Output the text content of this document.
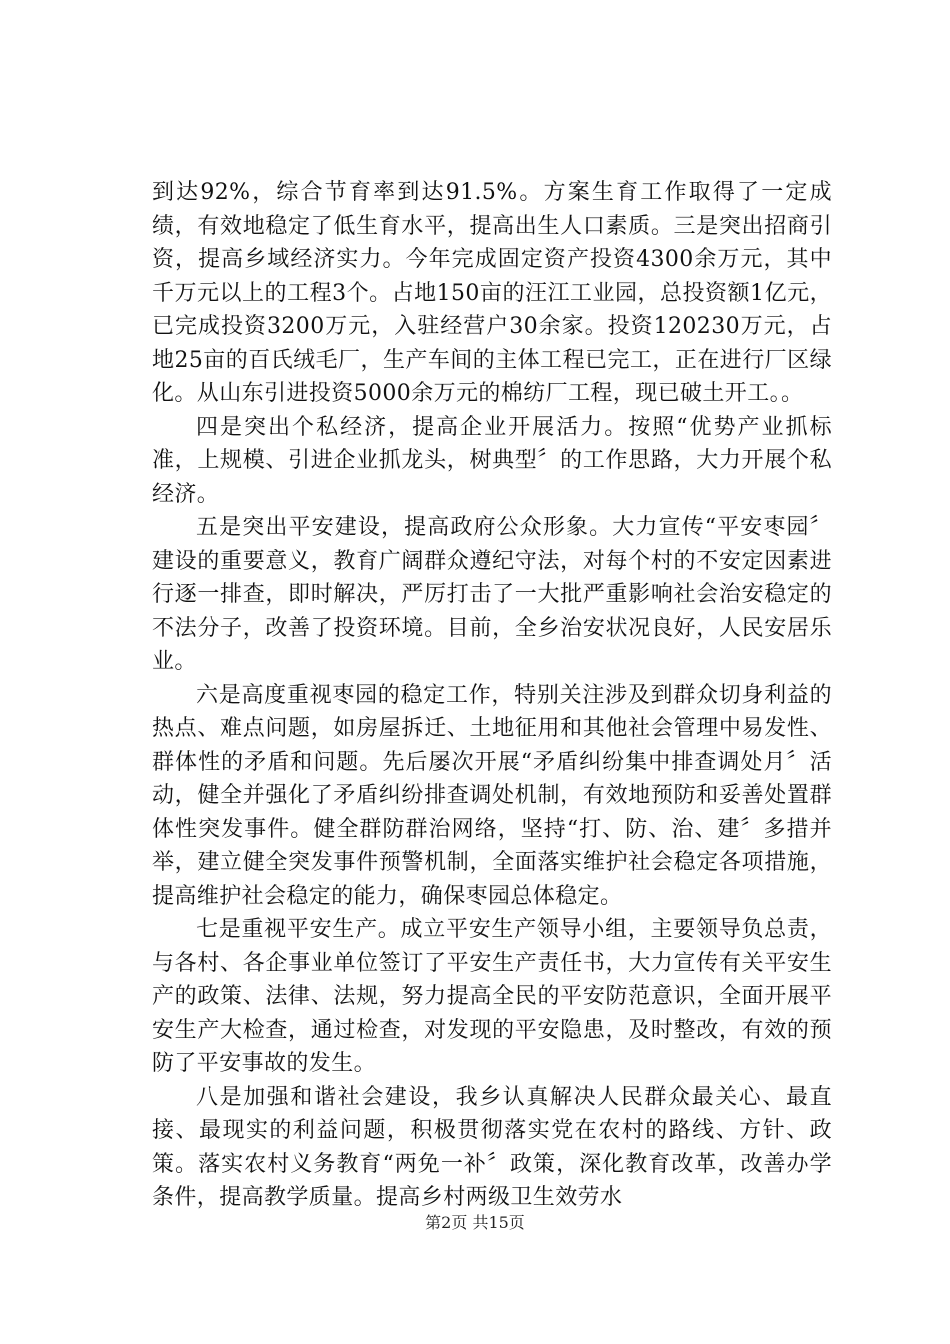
到达92%，综合节育率到达91.5%。方案生育工作取得了一定成绩，有效地稳定了低生育水平，提高出生人口素质。三是突出招商引资，提高乡域经济实力。今年完成固定资产投资4300余万元，其中千万元以上的工程3个。占地150亩的汪江工业园，总投资额1亿元，已完成投资3200万元，入驻经营户30余家。投资120230万元，占地25亩的百氏绒毛厂，生产车间的主体工程已完工，正在进行厂区绿化。从山东引进投资5000余万元的棉纺厂工程，现已破土开工。。

四是突出个私经济，提高企业开展活力。按照“优势产业抓标准，上规模、引进企业抓龙头，树典型〞的工作思路，大力开展个私经济。

五是突出平安建设，提高政府公众形象。大力宣传“平安枣园〞建设的重要意义，教育广阔群众遵纪守法，对每个村的不安定因素进行逐一排查，即时解决，严厉打击了一大批严重影响社会治安稳定的不法分子，改善了投资环境。目前，全乡治安状况良好，人民安居乐业。

六是高度重视枣园的稳定工作，特别关注涉及到群众切身利益的热点、难点问题，如房屋拆迁、土地征用和其他社会管理中易发性、群体性的矛盾和问题。先后屡次开展“矛盾纠纷集中排查调处月〞活动，健全并强化了矛盾纠纷排查调处机制，有效地预防和妥善处置群体性突发事件。健全群防群治网络，坚持“打、防、治、建〞多措并举，建立健全突发事件预警机制，全面落实维护社会稳定各项措施，提高维护社会稳定的能力，确保枣园总体稳定。

七是重视平安生产。成立平安生产领导小组，主要领导负总责，与各村、各企事业单位签订了平安生产责任书，大力宣传有关平安生产的政策、法律、法规，努力提高全民的平安防范意识，全面开展平安生产大检查，通过检查，对发现的平安隐患，及时整改，有效的预防了平安事故的发生。

八是加强和谐社会建设，我乡认真解决人民群众最关心、最直接、最现实的利益问题，积极贯彻落实党在农村的路线、方针、政策。落实农村义务教育“两免一补〞政策，深化教育改革，改善办学条件，提高教学质量。提高乡村两级卫生效劳水

第2页 共15页
